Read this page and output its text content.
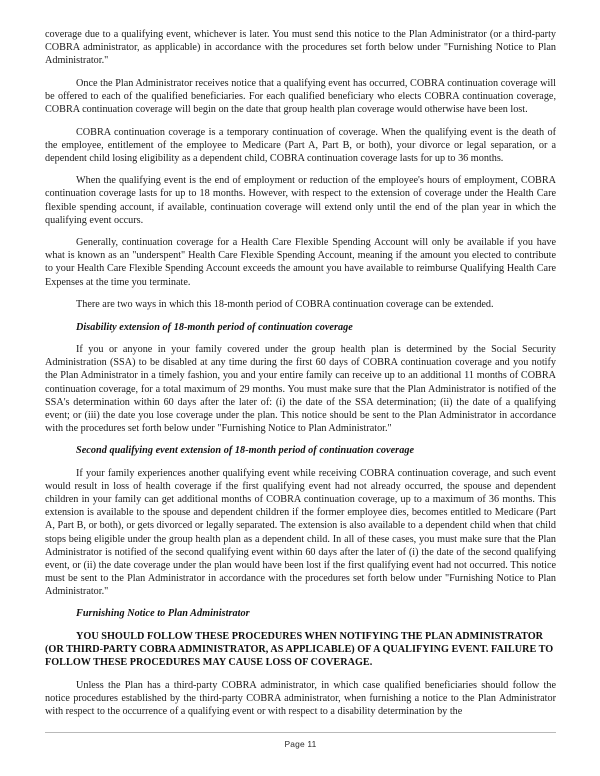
coverage due to a qualifying event, whichever is later. You must send this notice to the Plan Administrator (or a third-party COBRA administrator, as applicable) in accordance with the procedures set forth below under "Furnishing Notice to Plan Administrator."

Once the Plan Administrator receives notice that a qualifying event has occurred, COBRA continuation coverage will be offered to each of the qualified beneficiaries. For each qualified beneficiary who elects COBRA continuation coverage, COBRA continuation coverage will begin on the date that group health plan coverage would otherwise have been lost.

COBRA continuation coverage is a temporary continuation of coverage. When the qualifying event is the death of the employee, entitlement of the employee to Medicare (Part A, Part B, or both), your divorce or legal separation, or a dependent child losing eligibility as a dependent child, COBRA continuation coverage lasts for up to 36 months.

When the qualifying event is the end of employment or reduction of the employee's hours of employment, COBRA continuation coverage lasts for up to 18 months. However, with respect to the extension of coverage under the Health Care flexible spending account, if available, continuation coverage will extend only until the end of the plan year in which the qualifying event occurs.

Generally, continuation coverage for a Health Care Flexible Spending Account will only be available if you have what is known as an "underspent" Health Care Flexible Spending Account, meaning if the amount you elected to contribute to your Health Care Flexible Spending Account exceeds the amount you have available to reimburse Qualifying Health Care Expenses at the time you terminate.

There are two ways in which this 18-month period of COBRA continuation coverage can be extended.

Disability extension of 18-month period of continuation coverage

If you or anyone in your family covered under the group health plan is determined by the Social Security Administration (SSA) to be disabled at any time during the first 60 days of COBRA continuation coverage and you notify the Plan Administrator in a timely fashion, you and your entire family can receive up to an additional 11 months of COBRA continuation coverage, for a total maximum of 29 months. You must make sure that the Plan Administrator is notified of the SSA's determination within 60 days after the later of: (i) the date of the SSA determination; (ii) the date of a qualifying event; or (iii) the date you lose coverage under the plan. This notice should be sent to the Plan Administrator in accordance with the procedures set forth below under "Furnishing Notice to Plan Administrator."

Second qualifying event extension of 18-month period of continuation coverage

If your family experiences another qualifying event while receiving COBRA continuation coverage, and such event would result in loss of health coverage if the first qualifying event had not already occurred, the spouse and dependent children in your family can get additional months of COBRA continuation coverage, up to a maximum of 36 months. This extension is available to the spouse and dependent children if the former employee dies, becomes entitled to Medicare (Part A, Part B, or both), or gets divorced or legally separated. The extension is also available to a dependent child when that child stops being eligible under the group health plan as a dependent child. In all of these cases, you must make sure that the Plan Administrator is notified of the second qualifying event within 60 days after the later of (i) the date of the second qualifying event, or (ii) the date coverage under the plan would have been lost if the first qualifying event had not occurred. This notice must be sent to the Plan Administrator in accordance with the procedures set forth below under "Furnishing Notice to Plan Administrator."

Furnishing Notice to Plan Administrator

YOU SHOULD FOLLOW THESE PROCEDURES WHEN NOTIFYING THE PLAN ADMINISTRATOR (OR THIRD-PARTY COBRA ADMINISTRATOR, AS APPLICABLE) OF A QUALIFYING EVENT. FAILURE TO FOLLOW THESE PROCEDURES MAY CAUSE LOSS OF COVERAGE.

Unless the Plan has a third-party COBRA administrator, in which case qualified beneficiaries should follow the notice procedures established by the third-party COBRA administrator, when furnishing a notice to the Plan Administrator with respect to the occurrence of a qualifying event or with respect to a disability determination by the

Page 11
